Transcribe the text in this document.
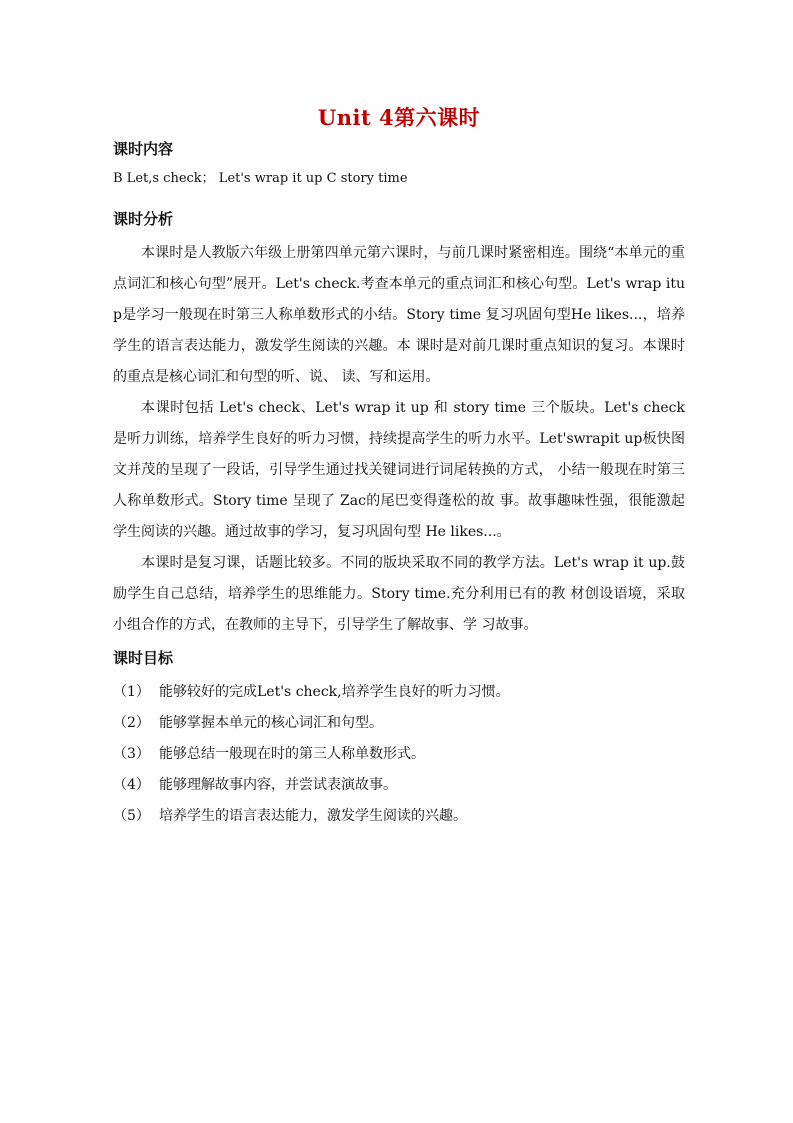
Unit 4第六课时
课时内容
B Let,s check； Let's wrap it up C story time
课时分析

本课时是人教版六年级上册第四单元第六课时，与前几课时紧密相连。围绕“本单元的重点词汇和核心句型”展开。Let's check.考查本单元的重点词汇和核心句型。Let's wrap itup是学习一般现在时第三人称单数形式的小结。Story time 复习巩固句型He likes...，培养学生的语言表达能力，激发学生阅读的兴趣。本 课时是对前几课时重点知识的复习。本课时的重点是核心词汇和句型的听、说、 读、写和运用。

本课时包括 Let's check、Let's wrap it up 和 story time 三个版块。Let's check 是听力训练，培养学生良好的听力习惯，持续提高学生的听力水平。Let'swrapit up板快图文并茂的呈现了一段话，引导学生通过找关键词进行词尾转换的方式， 小结一般现在时第三人称单数形式。Story time 呈现了 Zac的尾巴变得蓬松的故 事。故事趣味性强，很能激起学生阅读的兴趣。通过故事的学习，复习巩固句型 He likes...。

本课时是复习课，话题比较多。不同的版块采取不同的教学方法。Let's wrap it up.鼓励学生自己总结，培养学生的思维能力。Story time.充分利用已有的教 材创设语境，采取小组合作的方式，在教师的主导下，引导学生了解故事、学 习故事。

课时目标
（1） 能够较好的完成Let's check,培养学生良好的听力习惯。
（2） 能够掌握本单元的核心词汇和句型。
（3） 能够总结一般现在时的第三人称单数形式。
（4） 能够理解故事内容，并尝试表演故事。
（5） 培养学生的语言表达能力，激发学生阅读的兴趣。
